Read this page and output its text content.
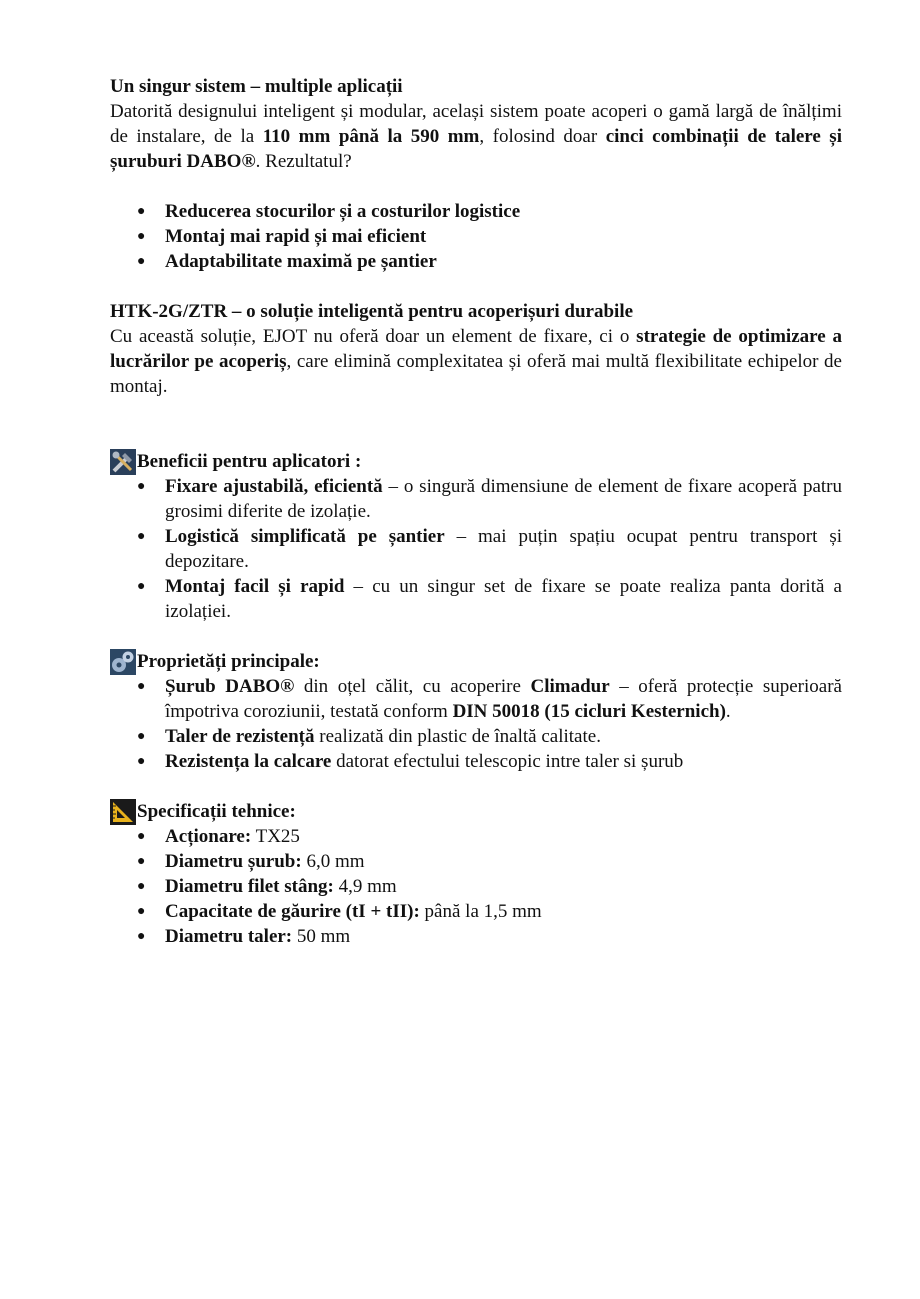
Un singur sistem – multiple aplicații

Datorită designului inteligent și modular, același sistem poate acoperi o gamă largă de înălțimi de instalare, de la 110 mm până la 590 mm, folosind doar cinci combinații de talere și șuruburi DABO®. Rezultatul?

● Reducerea stocurilor și a costurilor logistice
● Montaj mai rapid și mai eficient
● Adaptabilitate maximă pe șantier

HTK-2G/ZTR – o soluție inteligentă pentru acoperișuri durabile

Cu această soluție, EJOT nu oferă doar un element de fixare, ci o strategie de optimizare a lucrărilor pe acoperiș, care elimină complexitatea și oferă mai multă flexibilitate echipelor de montaj.

Beneficii pentru aplicatori :
● Fixare ajustabilă, eficientă – o singură dimensiune de element de fixare acoperă patru grosimi diferite de izolație.
● Logistică simplificată pe șantier – mai puțin spațiu ocupat pentru transport și depozitare.
● Montaj facil și rapid – cu un singur set de fixare se poate realiza panta dorită a izolației.
Proprietăți principale:
● Șurub DABO® din oțel călit, cu acoperire Climadur – oferă protecție superioară împotriva coroziunii, testată conform DIN 50018 (15 cicluri Kesternich).
● Taler de rezistență realizată din plastic de înaltă calitate.
● Rezistența la calcare datorat efectului telescopic intre taler si șurub
Specificații tehnice:
● Acționare: TX25
● Diametru șurub: 6,0 mm
● Diametru filet stâng: 4,9 mm
● Capacitate de găurire (tI + tII): până la 1,5 mm
● Diametru taler: 50 mm
